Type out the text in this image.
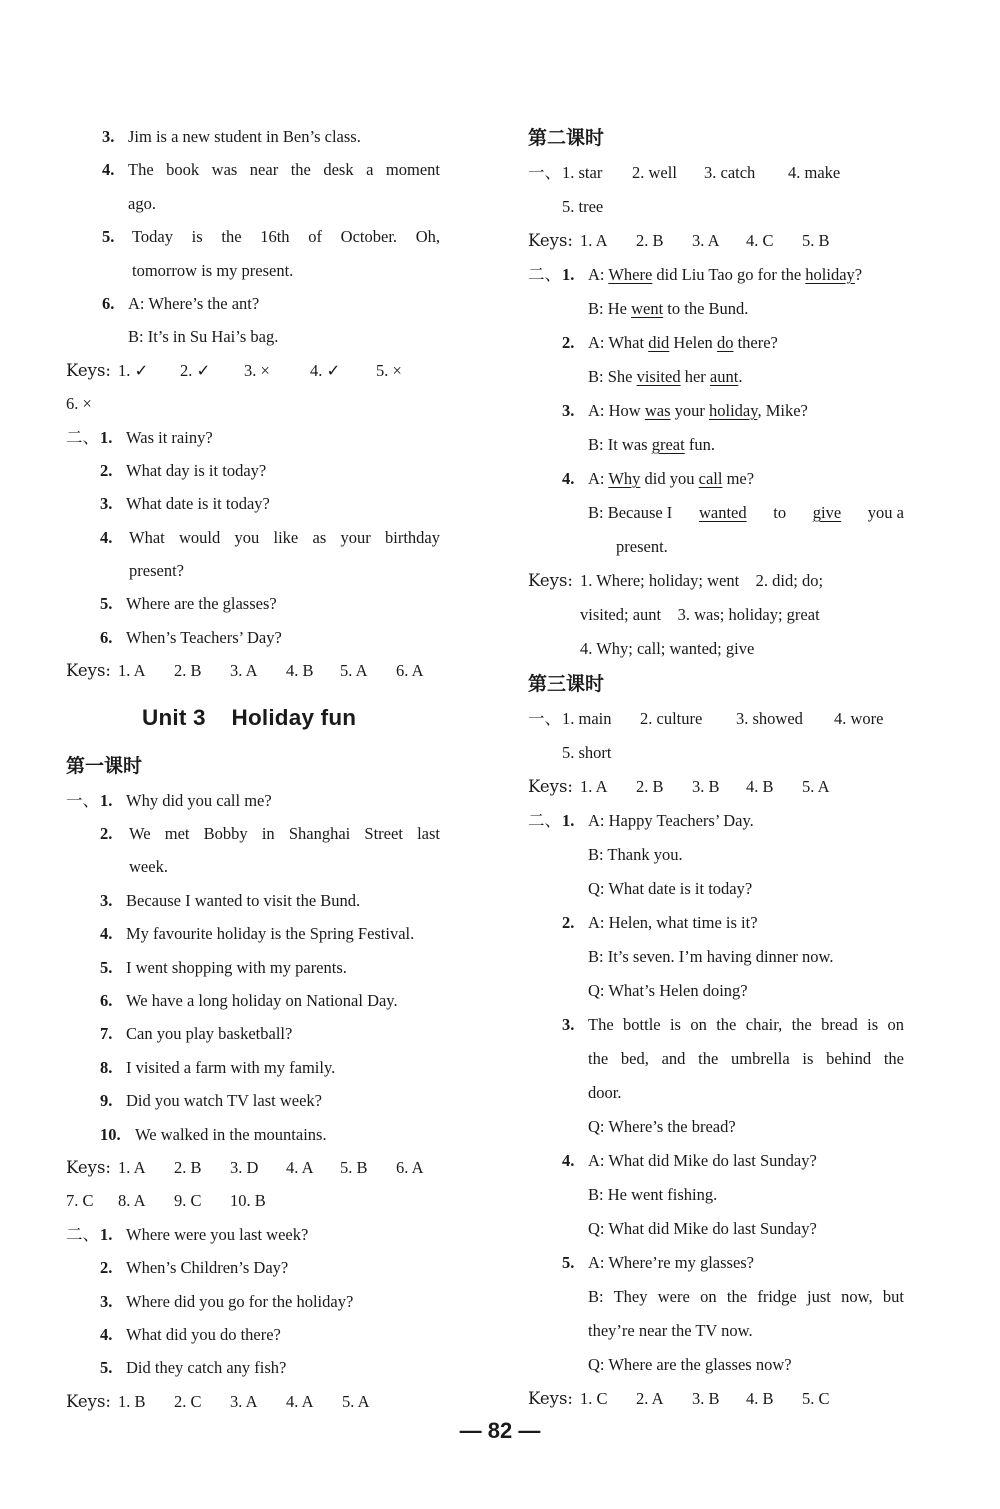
3. Jim is a new student in Ben’s class.
4. The book was near the desk a moment
ago.
5. Today is the 16th of October. Oh,
tomorrow is my present.
6. A: Where’s the ant?
B: It’s in Su Hai’s bag.
Keys: 1. ✓ 2. ✓ 3. × 4. ✓ 5. ×
6. ×
二、 1. Was it rainy?
2. What day is it today?
3. What date is it today?
4. What would you like as your birthday
present?
5. Where are the glasses?
6. When’s Teachers’ Day?
Keys: 1. A 2. B 3. A 4. B 5. A 6. A
Unit 3    Holiday fun
第一课时
一、 1. Why did you call me?
2. We met Bobby in Shanghai Street last
week.
3. Because I wanted to visit the Bund.
4. My favourite holiday is the Spring Festival.
5. I went shopping with my parents.
6. We have a long holiday on National Day.
7. Can you play basketball?
8. I visited a farm with my family.
9. Did you watch TV last week?
10. We walked in the mountains.
Keys: 1. A 2. B 3. D 4. A 5. B 6. A
7. C 8. A 9. C 10. B
二、 1. Where were you last week?
2. When’s Children’s Day?
3. Where did you go for the holiday?
4. What did you do there?
5. Did they catch any fish?
Keys: 1. B 2. C 3. A 4. A 5. A
第二课时
一、 1. star 2. well 3. catch 4. make
5. tree
Keys: 1. A 2. B 3. A 4. C 5. B
二、 1. A: Where did Liu Tao go for the holiday?
B: He went to the Bund.
2. A: What did Helen do there?
B: She visited her aunt.
3. A: How was your holiday, Mike?
B: It was great fun.
4. A: Why did you call me?
B: Because I wanted to give you a
present.
Keys: 1. Where; holiday; went    2. did; do;
visited; aunt    3. was; holiday; great
4. Why; call; wanted; give
第三课时
一、 1. main 2. culture 3. showed 4. wore
5. short
Keys: 1. A 2. B 3. B 4. B 5. A
二、 1. A: Happy Teachers’ Day.
B: Thank you.
Q: What date is it today?
2. A: Helen, what time is it?
B: It’s seven. I’m having dinner now.
Q: What’s Helen doing?
3. The bottle is on the chair, the bread is on
the bed, and the umbrella is behind the
door.
Q: Where’s the bread?
4. A: What did Mike do last Sunday?
B: He went fishing.
Q: What did Mike do last Sunday?
5. A: Where’re my glasses?
B: They were on the fridge just now, but
they’re near the TV now.
Q: Where are the glasses now?
Keys: 1. C 2. A 3. B 4. B 5. C
— 82 —
